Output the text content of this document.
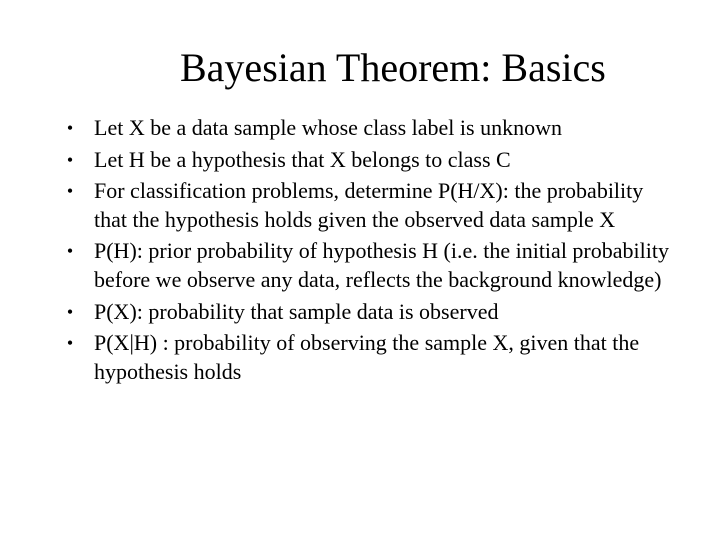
Bayesian Theorem: Basics
• Let X be a data sample whose class label is unknown
• Let H be a hypothesis that X belongs to class C
• For classification problems, determine P(H/X): the probability that the hypothesis holds given the observed data sample X
• P(H): prior probability of hypothesis H (i.e. the initial probability before we observe any data, reflects the background knowledge)
• P(X): probability that sample data is observed
• P(X|H) : probability of observing the sample X, given that the hypothesis holds
